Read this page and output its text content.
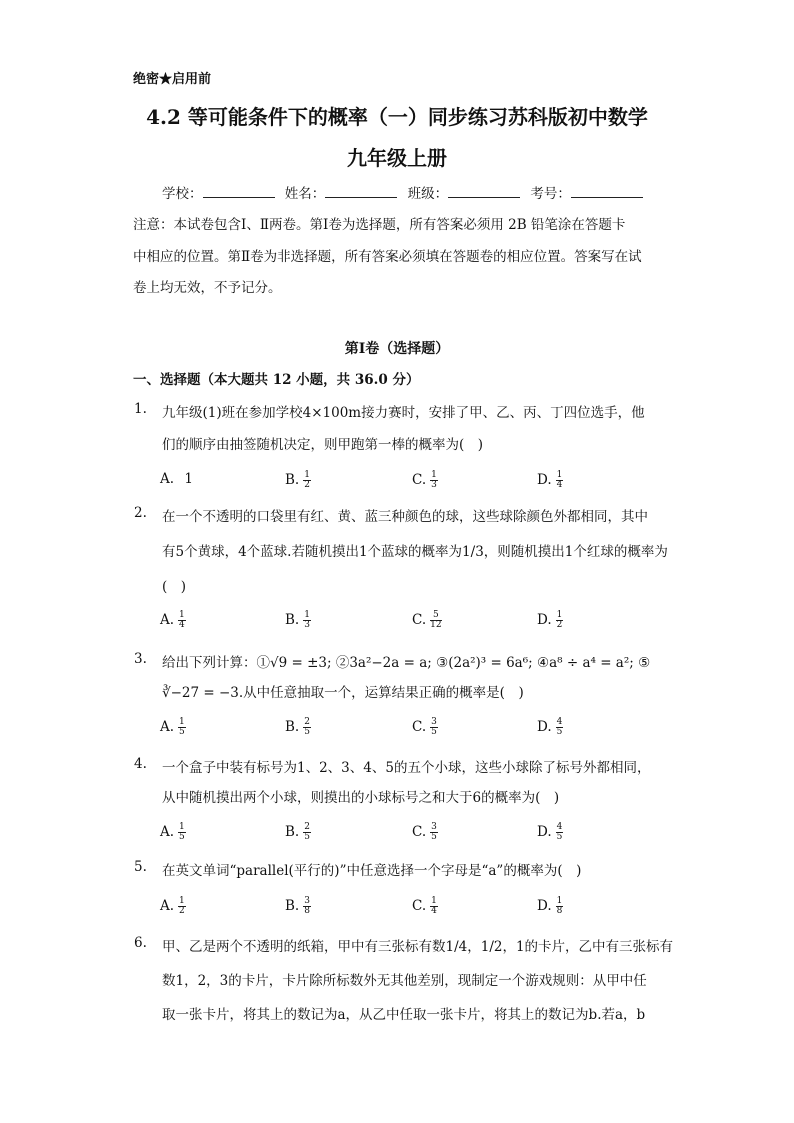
绝密★启用前
4.2 等可能条件下的概率（一）同步练习苏科版初中数学
九年级上册
学校：	姓名：	班级：	考号：
注意：本试卷包含Ⅰ、Ⅱ两卷。第Ⅰ卷为选择题，所有答案必须用 2B 铅笔涂在答题卡
中相应的位置。第Ⅱ卷为非选择题，所有答案必须填在答题卷的相应位置。答案写在试
卷上均无效，不予记分。
第Ⅰ卷（选择题）
一、选择题（本大题共 12 小题，共 36.0 分）
1. 九年级(1)班在参加学校4×100m接力赛时，安排了甲、乙、丙、丁四位选手，他
们的顺序由抽签随机决定，则甲跑第一棒的概率为(　)
A. 1	B. $\frac{1}{2}$	C. $\frac{1}{3}$	D. $\frac{1}{4}$
2. 在一个不透明的口袋里有红、黄、蓝三种颜色的球，这些球除颜色外都相同，其中
有5个黄球，4个蓝球.若随机摸出1个蓝球的概率为1/3，则随机摸出1个红球的概率为
(　)
A. $\frac{1}{4}$	B. $\frac{1}{3}$	C. $\frac{5}{12}$	D. $\frac{1}{2}$
3. 给出下列计算：①√9 = ±3; ②3a²−2a = a; ③(2a²)³ = 6a⁶; ④a⁸ ÷ a⁴ = a²; ⑤
∛−27 = −3.从中任意抽取一个，运算结果正确的概率是(　)
A. $\frac{1}{5}$	B. $\frac{2}{5}$	C. $\frac{3}{5}$	D. $\frac{4}{5}$
4. 一个盒子中装有标号为1、2、3、4、5的五个小球，这些小球除了标号外都相同，
从中随机摸出两个小球，则摸出的小球标号之和大于6的概率为(　)
A. $\frac{1}{5}$	B. $\frac{2}{5}$	C. $\frac{3}{5}$	D. $\frac{4}{5}$
5. 在英文单词“parallel(平行的)”中任意选择一个字母是“a”的概率为(　)
A. $\frac{1}{2}$	B. $\frac{3}{8}$	C. $\frac{1}{4}$	D. $\frac{1}{8}$
6. 甲、乙是两个不透明的纸箱，甲中有三张标有数1/4，1/2，1的卡片，乙中有三张标有
数1，2，3的卡片，卡片除所标数外无其他差别，现制定一个游戏规则：从甲中任
取一张卡片，将其上的数记为a，从乙中任取一张卡片，将其上的数记为b.若a，b
